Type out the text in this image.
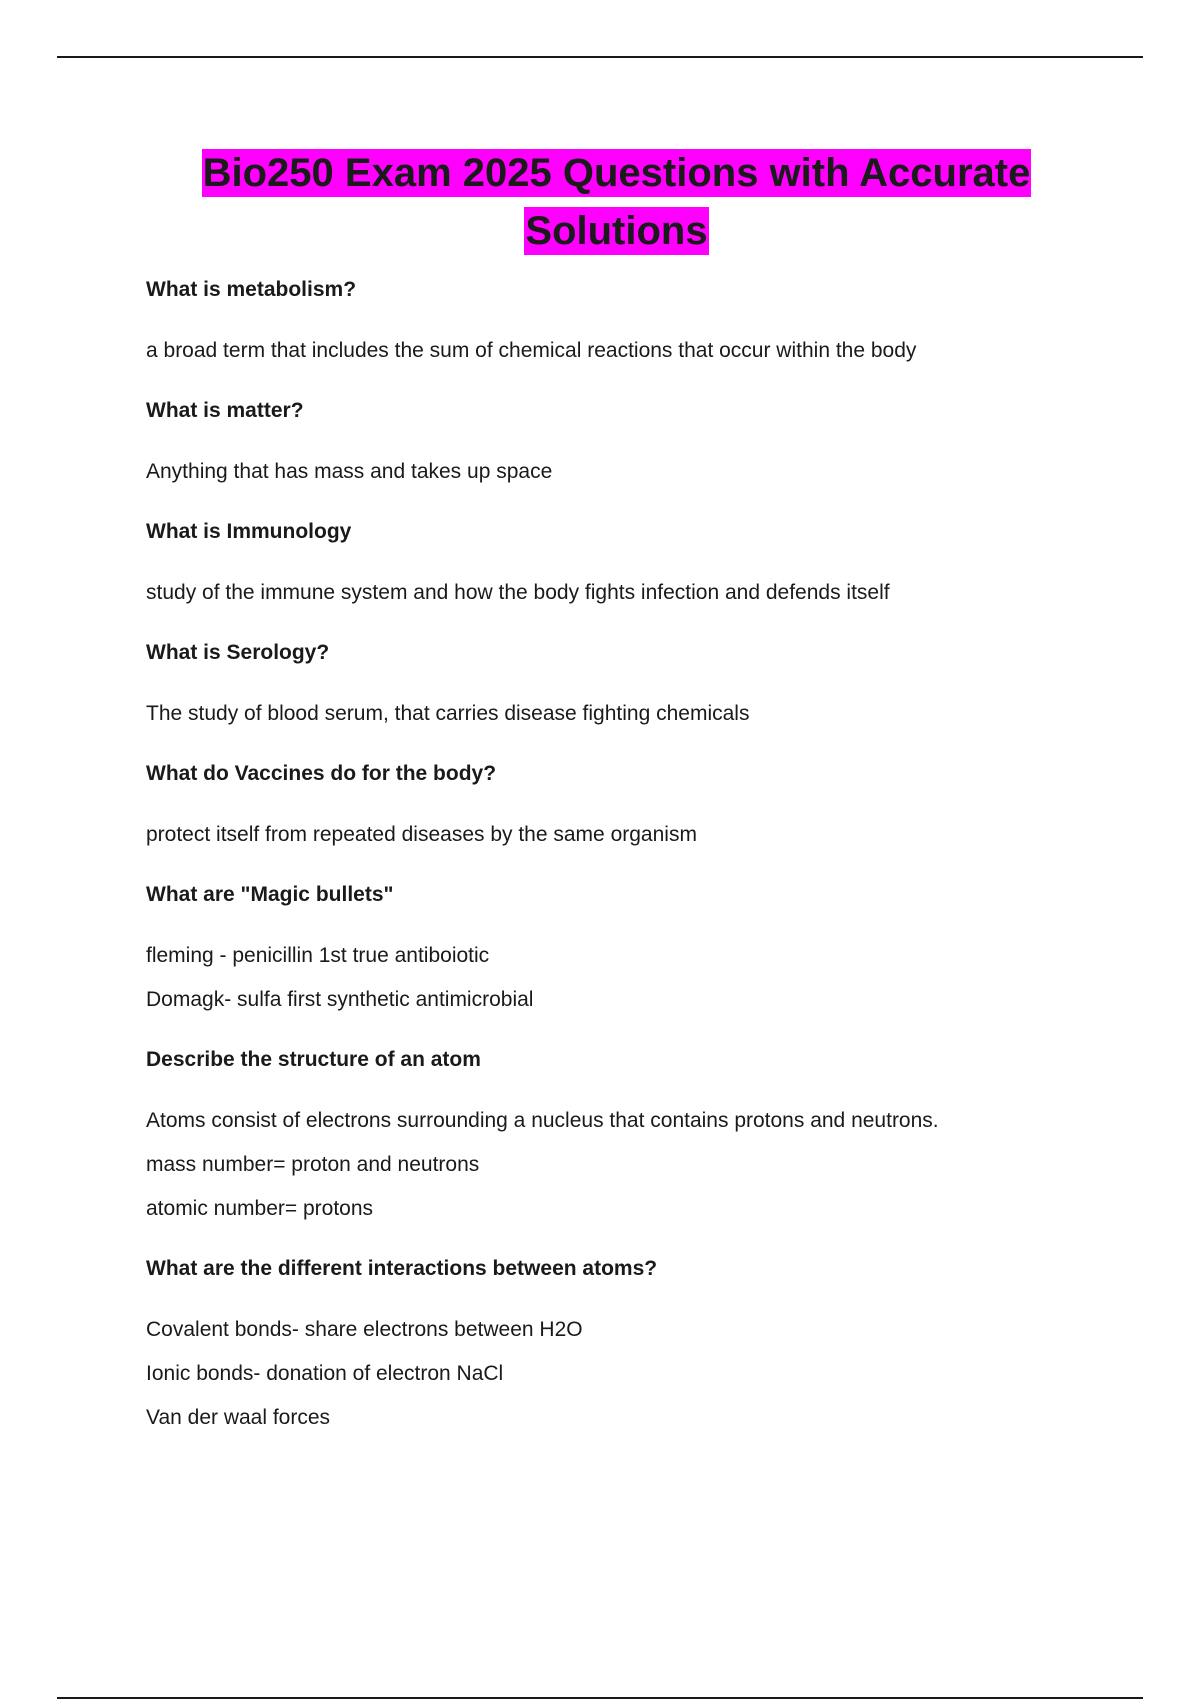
Bio250 Exam 2025 Questions with Accurate Solutions

What is metabolism?

a broad term that includes the sum of chemical reactions that occur within the body

What is matter?

Anything that has mass and takes up space

What is Immunology

study of the immune system and how the body fights infection and defends itself

What is Serology?

The study of blood serum, that carries disease fighting chemicals

What do Vaccines do for the body?

protect itself from repeated diseases by the same organism

What are "Magic bullets"

fleming - penicillin 1st true antiboiotic

Domagk- sulfa first synthetic antimicrobial

Describe the structure of an atom

Atoms consist of electrons surrounding a nucleus that contains protons and neutrons.

mass number= proton and neutrons

atomic number= protons

What are the different interactions between atoms?

Covalent bonds- share electrons between H2O

Ionic bonds- donation of electron NaCl

Van der waal forces
